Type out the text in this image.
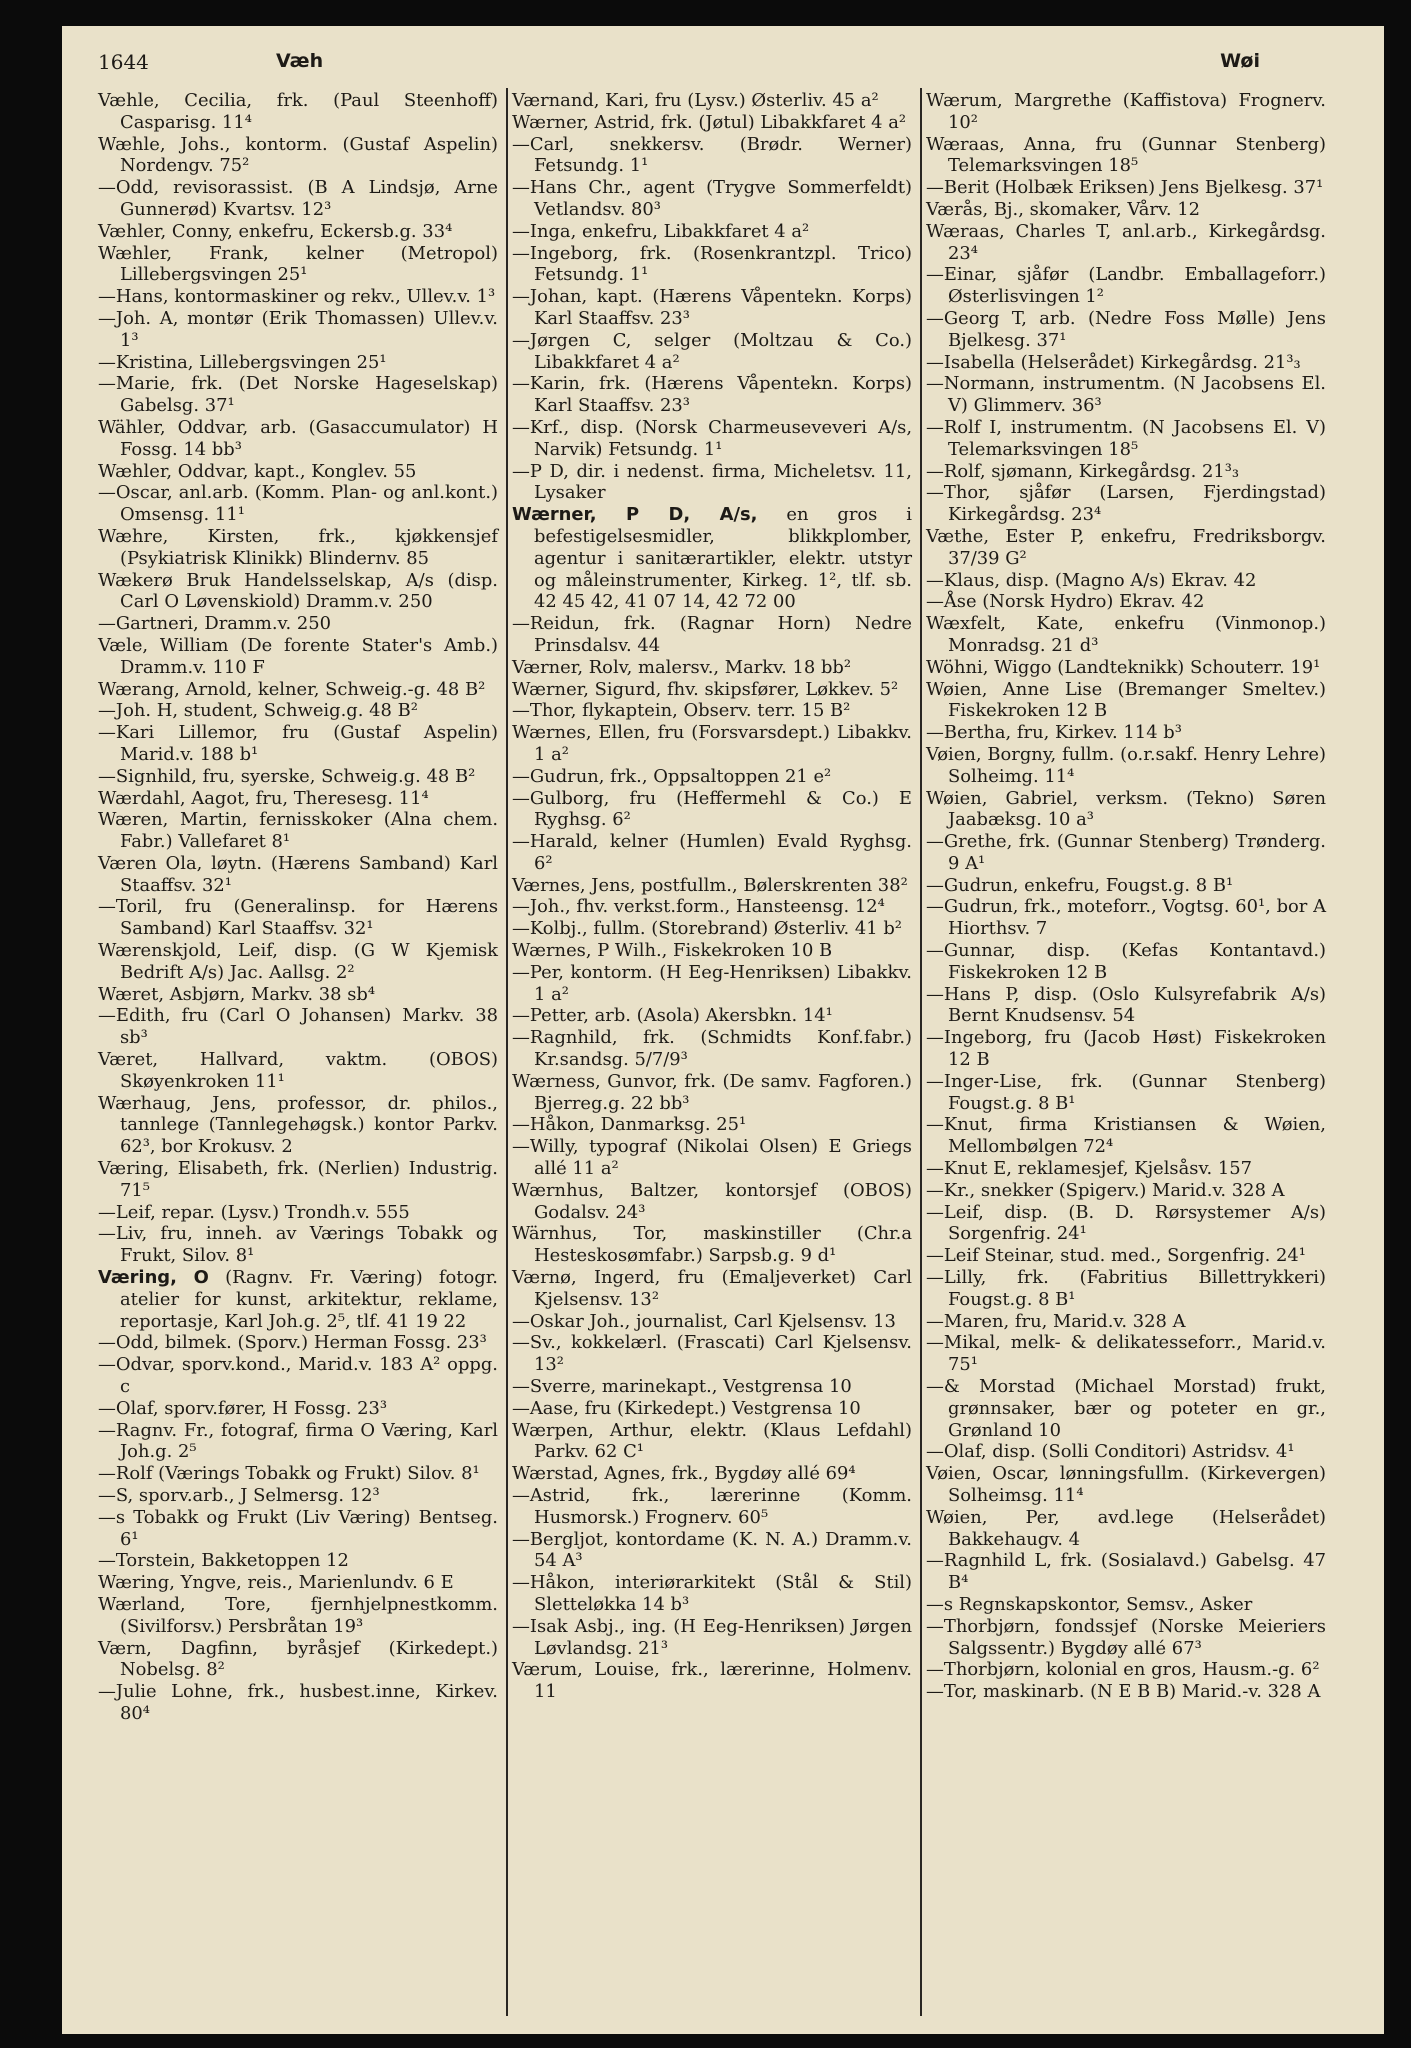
1644	Væh	Wøi

Væhle, Cecilia, frk. (Paul Steenhoff) Casparisg. 11⁴

Wæhle, Johs., kontorm. (Gustaf Aspelin) Nordengv. 75²

—Odd, revisorassist. (B A Lindsjø, Arne Gunnerød) Kvartsv. 12³

Væhler, Conny, enkefru, Eckersb.g. 33⁴

Wæhler, Frank, kelner (Metropol) Lillebergsvingen 25¹

—Hans, kontormaskiner og rekv., Ullev.v. 1³

—Joh. A, montør (Erik Thomassen) Ullev.v. 1³

—Kristina, Lillebergsvingen 25¹

—Marie, frk. (Det Norske Hageselskap) Gabelsg. 37¹

Wähler, Oddvar, arb. (Gasaccumulator) H Fossg. 14 bb³

Wæhler, Oddvar, kapt., Konglev. 55

—Oscar, anl.arb. (Komm. Plan- og anl.kont.) Omsensg. 11¹

Wæhre, Kirsten, frk., kjøkkensjef (Psykiatrisk Klinikk) Blindernv. 85

Wækerø Bruk Handelsselskap, A/s (disp. Carl O Løvenskiold) Dramm.v. 250

—Gartneri, Dramm.v. 250

Væle, William (De forente Stater's Amb.) Dramm.v. 110 F

Wærang, Arnold, kelner, Schweig.-g. 48 B²

—Joh. H, student, Schweig.g. 48 B²

—Kari Lillemor, fru (Gustaf Aspelin) Marid.v. 188 b¹

—Signhild, fru, syerske, Schweig.g. 48 B²

Wærdahl, Aagot, fru, Theresesg. 11⁴

Wæren, Martin, fernisskoker (Alna chem. Fabr.) Vallefaret 8¹

Væren Ola, løytn. (Hærens Samband) Karl Staaffsv. 32¹

—Toril, fru (Generalinsp. for Hærens Samband) Karl Staaffsv. 32¹

Wærenskjold, Leif, disp. (G W Kjemisk Bedrift A/s) Jac. Aallsg. 2²

Wæret, Asbjørn, Markv. 38 sb⁴

—Edith, fru (Carl O Johansen) Markv. 38 sb³

Været, Hallvard, vaktm. (OBOS) Skøyenkroken 11¹

Wærhaug, Jens, professor, dr. philos., tannlege (Tannlegehøgsk.) kontor Parkv. 62³, bor Krokusv. 2

Væring, Elisabeth, frk. (Nerlien) Industrig. 71⁵

—Leif, repar. (Lysv.) Trondh.v. 555

—Liv, fru, inneh. av Værings Tobakk og Frukt, Silov. 8¹

Væring, O (Ragnv. Fr. Væring) fotogr. atelier for kunst, arkitektur, reklame, reportasje, Karl Joh.g. 2⁵, tlf. 41 19 22

—Odd, bilmek. (Sporv.) Herman Fossg. 23³

—Odvar, sporv.kond., Marid.v. 183 A² oppg. c

—Olaf, sporv.fører, H Fossg. 23³

—Ragnv. Fr., fotograf, firma O Væring, Karl Joh.g. 2⁵

—Rolf (Værings Tobakk og Frukt) Silov. 8¹

—S, sporv.arb., J Selmersg. 12³

—s Tobakk og Frukt (Liv Væring) Bentseg. 6¹

—Torstein, Bakketoppen 12

Wæring, Yngve, reis., Marienlundv. 6 E

Wærland, Tore, fjernhjelpnestkomm. (Sivilforsv.) Persbråtan 19³

Værn, Dagfinn, byråsjef (Kirkedept.) Nobelsg. 8²

—Julie Lohne, frk., husbest.inne, Kirkev. 80⁴

Værnand, Kari, fru (Lysv.) Østerliv. 45 a²

Wærner, Astrid, frk. (Jøtul) Libakkfaret 4 a²

—Carl, snekkersv. (Brødr. Werner) Fetsundg. 1¹

—Hans Chr., agent (Trygve Sommerfeldt) Vetlandsv. 80³

—Inga, enkefru, Libakkfaret 4 a²

—Ingeborg, frk. (Rosenkrantzpl. Trico) Fetsundg. 1¹

—Johan, kapt. (Hærens Våpentekn. Korps) Karl Staaffsv. 23³

—Jørgen C, selger (Moltzau & Co.) Libakkfaret 4 a²

—Karin, frk. (Hærens Våpentekn. Korps) Karl Staaffsv. 23³

—Krf., disp. (Norsk Charmeuseveveri A/s, Narvik) Fetsundg. 1¹

—P D, dir. i nedenst. firma, Micheletsv. 11, Lysaker

Wærner, P D, A/s, en gros i befestigelsesmidler, blikkplomber, agentur i sanitærartikler, elektr. utstyr og måleinstrumenter, Kirkeg. 1², tlf. sb. 42 45 42, 41 07 14, 42 72 00

—Reidun, frk. (Ragnar Horn) Nedre Prinsdalsv. 44

Værner, Rolv, malersv., Markv. 18 bb²

Wærner, Sigurd, fhv. skipsfører, Løkkev. 5²

—Thor, flykaptein, Observ. terr. 15 B²

Wærnes, Ellen, fru (Forsvarsdept.) Libakkv. 1 a²

—Gudrun, frk., Oppsaltoppen 21 e²

—Gulborg, fru (Heffermehl & Co.) E Ryghsg. 6²

—Harald, kelner (Humlen) Evald Ryghsg. 6²

Værnes, Jens, postfullm., Bølerskrenten 38²

—Joh., fhv. verkst.form., Hansteensg. 12⁴

—Kolbj., fullm. (Storebrand) Østerliv. 41 b²

Wærnes, P Wilh., Fiskekroken 10 B

—Per, kontorm. (H Eeg-Henriksen) Libakkv. 1 a²

—Petter, arb. (Asola) Akersbkn. 14¹

—Ragnhild, frk. (Schmidts Konf.fabr.) Kr.sandsg. 5/7/9³

Wærness, Gunvor, frk. (De samv. Fagforen.) Bjerreg.g. 22 bb³

—Håkon, Danmarksg. 25¹

—Willy, typograf (Nikolai Olsen) E Griegs allé 11 a²

Wærnhus, Baltzer, kontorsjef (OBOS) Godalsv. 24³

Wärnhus, Tor, maskinstiller (Chr.a Hesteskosømfabr.) Sarpsb.g. 9 d¹

Værnø, Ingerd, fru (Emaljeverket) Carl Kjelsensv. 13²

—Oskar Joh., journalist, Carl Kjelsensv. 13

—Sv., kokkelærl. (Frascati) Carl Kjelsensv. 13²

—Sverre, marinekapt., Vestgrensa 10

—Aase, fru (Kirkedept.) Vestgrensa 10

Wærpen, Arthur, elektr. (Klaus Lefdahl) Parkv. 62 C¹

Wærstad, Agnes, frk., Bygdøy allé 69⁴

—Astrid, frk., lærerinne (Komm. Husmorsk.) Frognerv. 60⁵

—Bergljot, kontordame (K. N. A.) Dramm.v. 54 A³

—Håkon, interiørarkitekt (Stål & Stil) Sletteløkka 14 b³

—Isak Asbj., ing. (H Eeg-Henriksen) Jørgen Løvlandsg. 21³

Værum, Louise, frk., lærerinne, Holmenv. 11

Wærum, Margrethe (Kaffistova) Frognerv. 10²

Wæraas, Anna, fru (Gunnar Stenberg) Telemarksvingen 18⁵

—Berit (Holbæk Eriksen) Jens Bjelkesg. 37¹

Værås, Bj., skomaker, Vårv. 12

Wæraas, Charles T, anl.arb., Kirkegårdsg. 23⁴

—Einar, sjåfør (Landbr. Emballageforr.) Østerlisvingen 1²

—Georg T, arb. (Nedre Foss Mølle) Jens Bjelkesg. 37¹

—Isabella (Helserådet) Kirkegårdsg. 21³₃

—Normann, instrumentm. (N Jacobsens El. V) Glimmerv. 36³

—Rolf I, instrumentm. (N Jacobsens El. V) Telemarksvingen 18⁵

—Rolf, sjømann, Kirkegårdsg. 21³₃

—Thor, sjåfør (Larsen, Fjerdingstad) Kirkegårdsg. 23⁴

Væthe, Ester P, enkefru, Fredriksborgv. 37/39 G²

—Klaus, disp. (Magno A/s) Ekrav. 42

—Åse (Norsk Hydro) Ekrav. 42

Wæxfelt, Kate, enkefru (Vinmonop.) Monradsg. 21 d³

Wöhni, Wiggo (Landteknikk) Schouterr. 19¹

Wøien, Anne Lise (Bremanger Smeltev.) Fiskekroken 12 B

—Bertha, fru, Kirkev. 114 b³

Vøien, Borgny, fullm. (o.r.sakf. Henry Lehre) Solheimg. 11⁴

Wøien, Gabriel, verksm. (Tekno) Søren Jaabæksg. 10 a³

—Grethe, frk. (Gunnar Stenberg) Trønderg. 9 A¹

—Gudrun, enkefru, Fougst.g. 8 B¹

—Gudrun, frk., moteforr., Vogtsg. 60¹, bor A Hiorthsv. 7

—Gunnar, disp. (Kefas Kontantavd.) Fiskekroken 12 B

—Hans P, disp. (Oslo Kulsyrefabrik A/s) Bernt Knudsensv. 54

—Ingeborg, fru (Jacob Høst) Fiskekroken 12 B

—Inger-Lise, frk. (Gunnar Stenberg) Fougst.g. 8 B¹

—Knut, firma Kristiansen & Wøien, Mellombølgen 72⁴

—Knut E, reklamesjef, Kjelsåsv. 157

—Kr., snekker (Spigerv.) Marid.v. 328 A

—Leif, disp. (B. D. Rørsystemer A/s) Sorgenfrig. 24¹

—Leif Steinar, stud. med., Sorgenfrig. 24¹

—Lilly, frk. (Fabritius Billettrykkeri) Fougst.g. 8 B¹

—Maren, fru, Marid.v. 328 A

—Mikal, melk- & delikatesseforr., Marid.v. 75¹

—& Morstad (Michael Morstad) frukt, grønnsaker, bær og poteter en gr., Grønland 10

—Olaf, disp. (Solli Conditori) Astridsv. 4¹

Vøien, Oscar, lønningsfullm. (Kirkevergen) Solheimsg. 11⁴

Wøien, Per, avd.lege (Helserådet) Bakkehaugv. 4

—Ragnhild L, frk. (Sosialavd.) Gabelsg. 47 B⁴

—s Regnskapskontor, Semsv., Asker

—Thorbjørn, fondssjef (Norske Meieriers Salgssentr.) Bygdøy allé 67³

—Thorbjørn, kolonial en gros, Hausm.-g. 6²

—Tor, maskinarb. (N E B B) Marid.-v. 328 A
